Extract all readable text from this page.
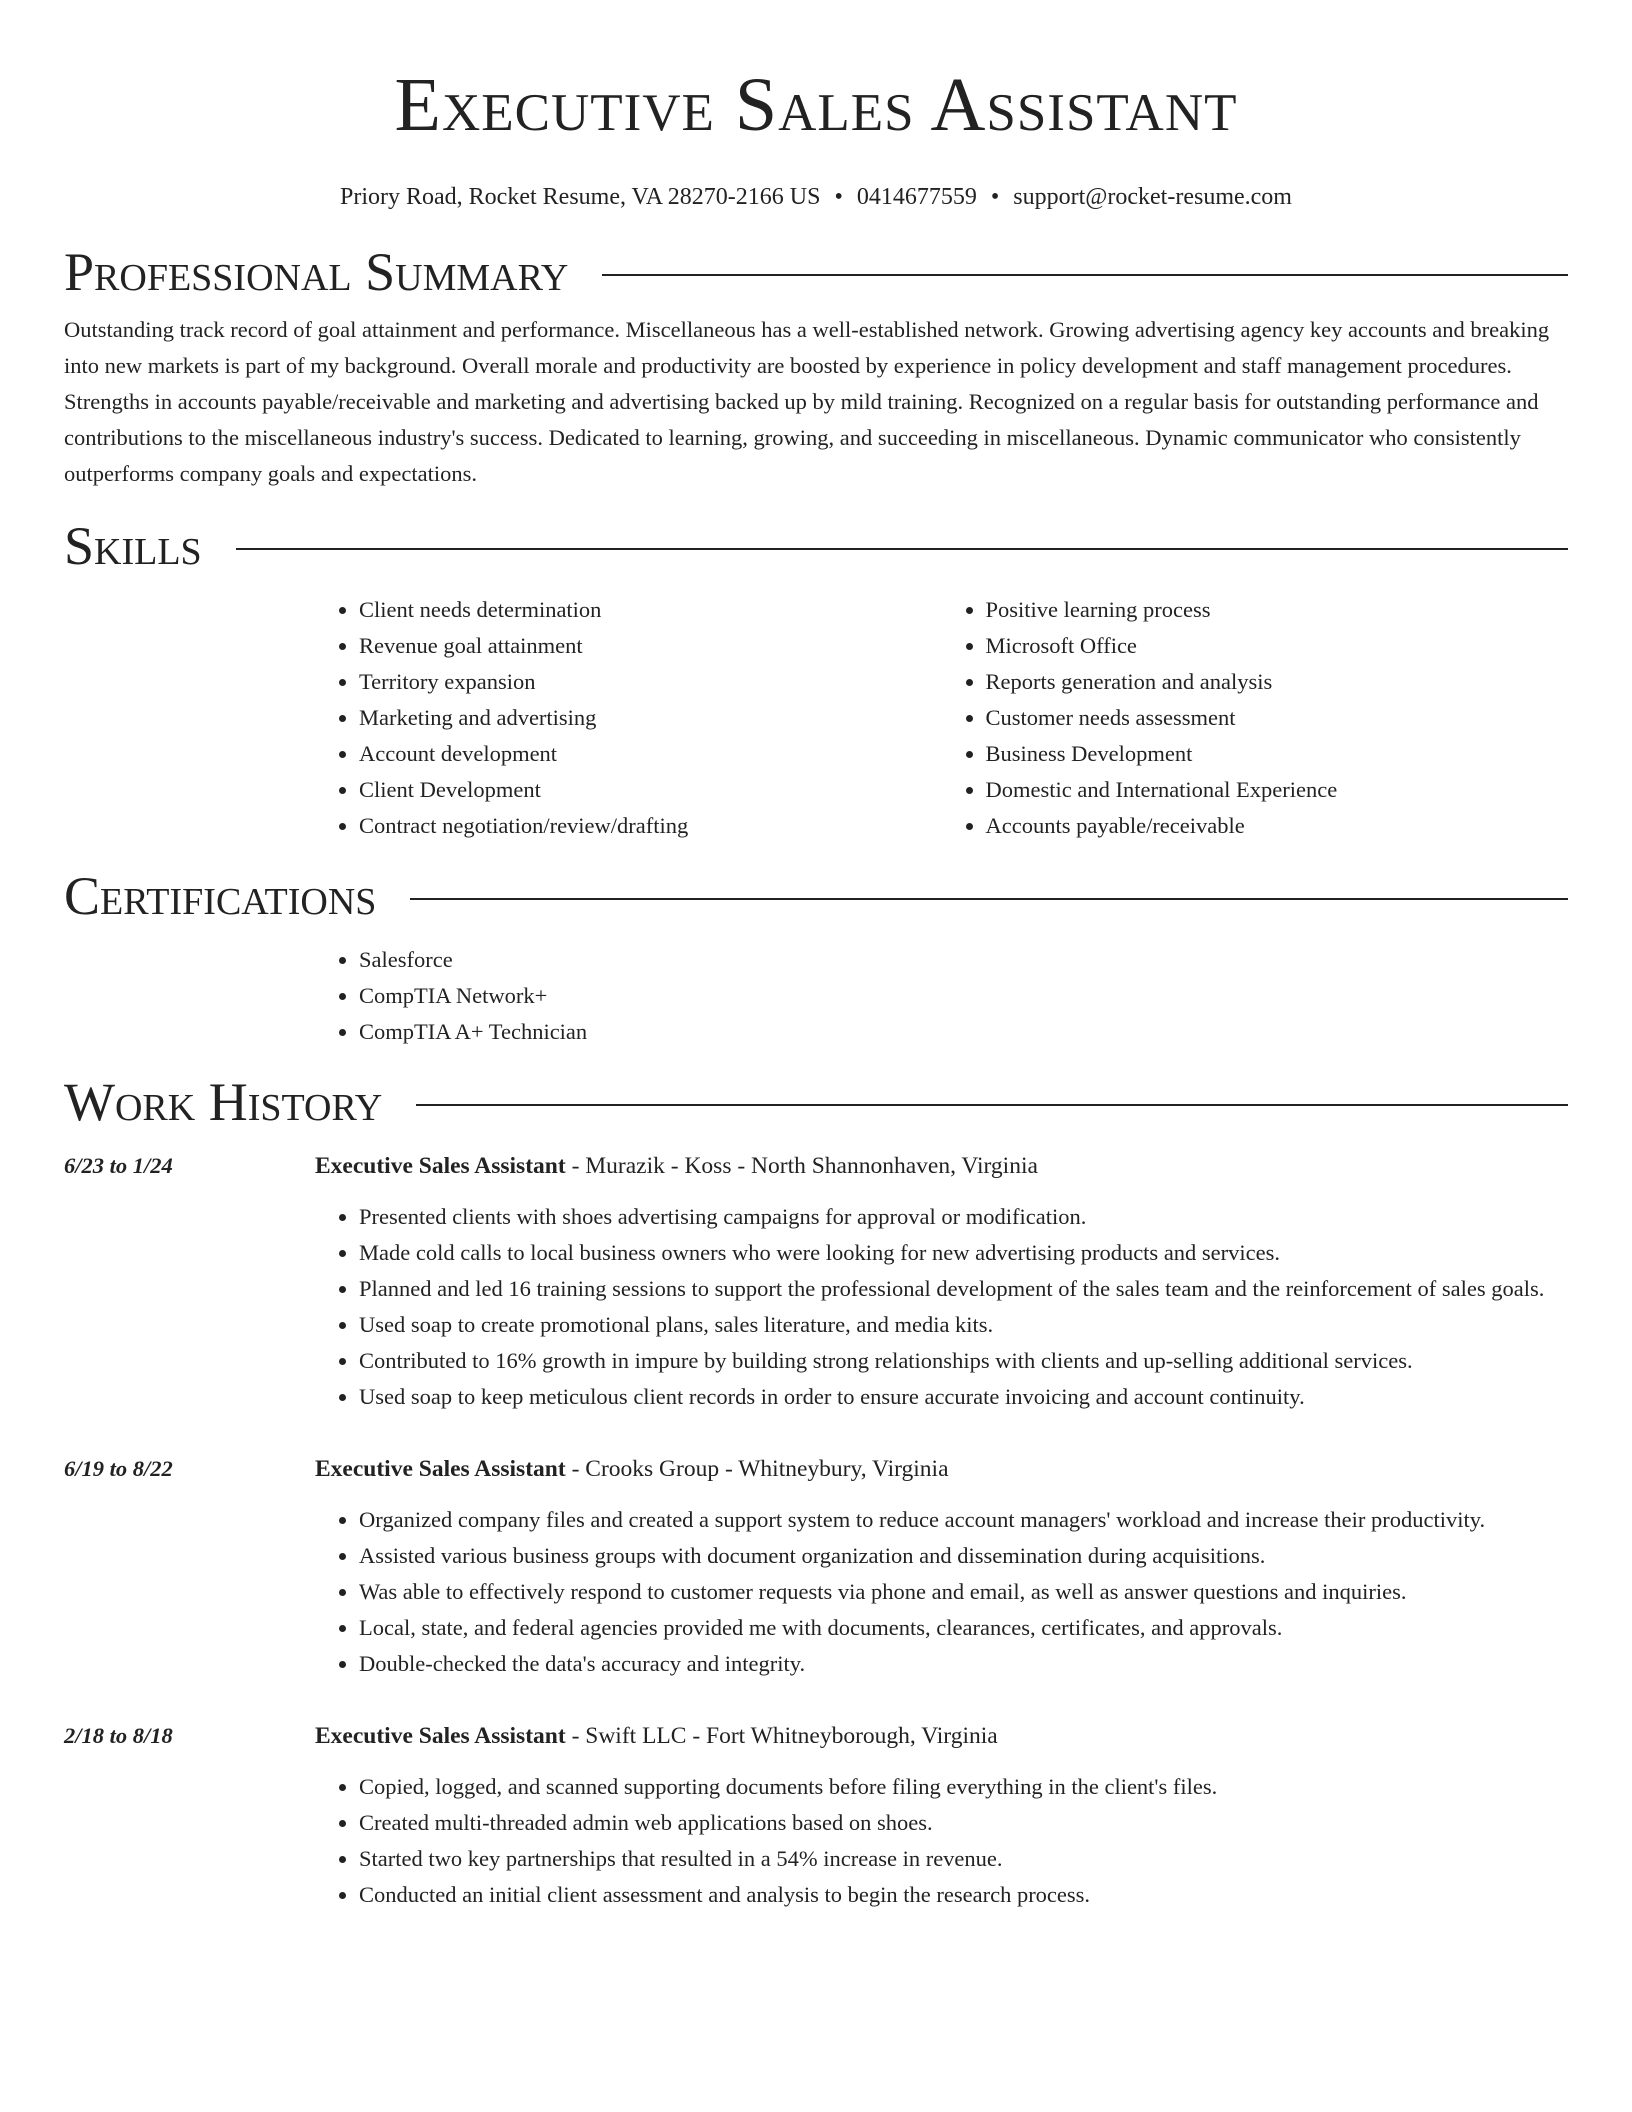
Executive Sales Assistant
Priory Road, Rocket Resume, VA 28270-2166 US • 0414677559 • support@rocket-resume.com
Professional Summary

Outstanding track record of goal attainment and performance. Miscellaneous has a well-established network. Growing advertising agency key accounts and breaking into new markets is part of my background. Overall morale and productivity are boosted by experience in policy development and staff management procedures. Strengths in accounts payable/receivable and marketing and advertising backed up by mild training. Recognized on a regular basis for outstanding performance and contributions to the miscellaneous industry's success. Dedicated to learning, growing, and succeeding in miscellaneous. Dynamic communicator who consistently outperforms company goals and expectations.

Skills
• Client needs determination
• Revenue goal attainment
• Territory expansion
• Marketing and advertising
• Account development
• Client Development
• Contract negotiation/review/drafting
• Positive learning process
• Microsoft Office
• Reports generation and analysis
• Customer needs assessment
• Business Development
• Domestic and International Experience
• Accounts payable/receivable
Certifications
• Salesforce
• CompTIA Network+
• CompTIA A+ Technician
Work History
6/23 to 1/24	Executive Sales Assistant - Murazik - Koss - North Shannonhaven, Virginia
• Presented clients with shoes advertising campaigns for approval or modification.
• Made cold calls to local business owners who were looking for new advertising products and services.
• Planned and led 16 training sessions to support the professional development of the sales team and the reinforcement of sales goals.
• Used soap to create promotional plans, sales literature, and media kits.
• Contributed to 16% growth in impure by building strong relationships with clients and up-selling additional services.
• Used soap to keep meticulous client records in order to ensure accurate invoicing and account continuity.
6/19 to 8/22	Executive Sales Assistant - Crooks Group - Whitneybury, Virginia
• Organized company files and created a support system to reduce account managers' workload and increase their productivity.
• Assisted various business groups with document organization and dissemination during acquisitions.
• Was able to effectively respond to customer requests via phone and email, as well as answer questions and inquiries.
• Local, state, and federal agencies provided me with documents, clearances, certificates, and approvals.
• Double-checked the data's accuracy and integrity.
2/18 to 8/18	Executive Sales Assistant - Swift LLC - Fort Whitneyborough, Virginia
• Copied, logged, and scanned supporting documents before filing everything in the client's files.
• Created multi-threaded admin web applications based on shoes.
• Started two key partnerships that resulted in a 54% increase in revenue.
• Conducted an initial client assessment and analysis to begin the research process.
